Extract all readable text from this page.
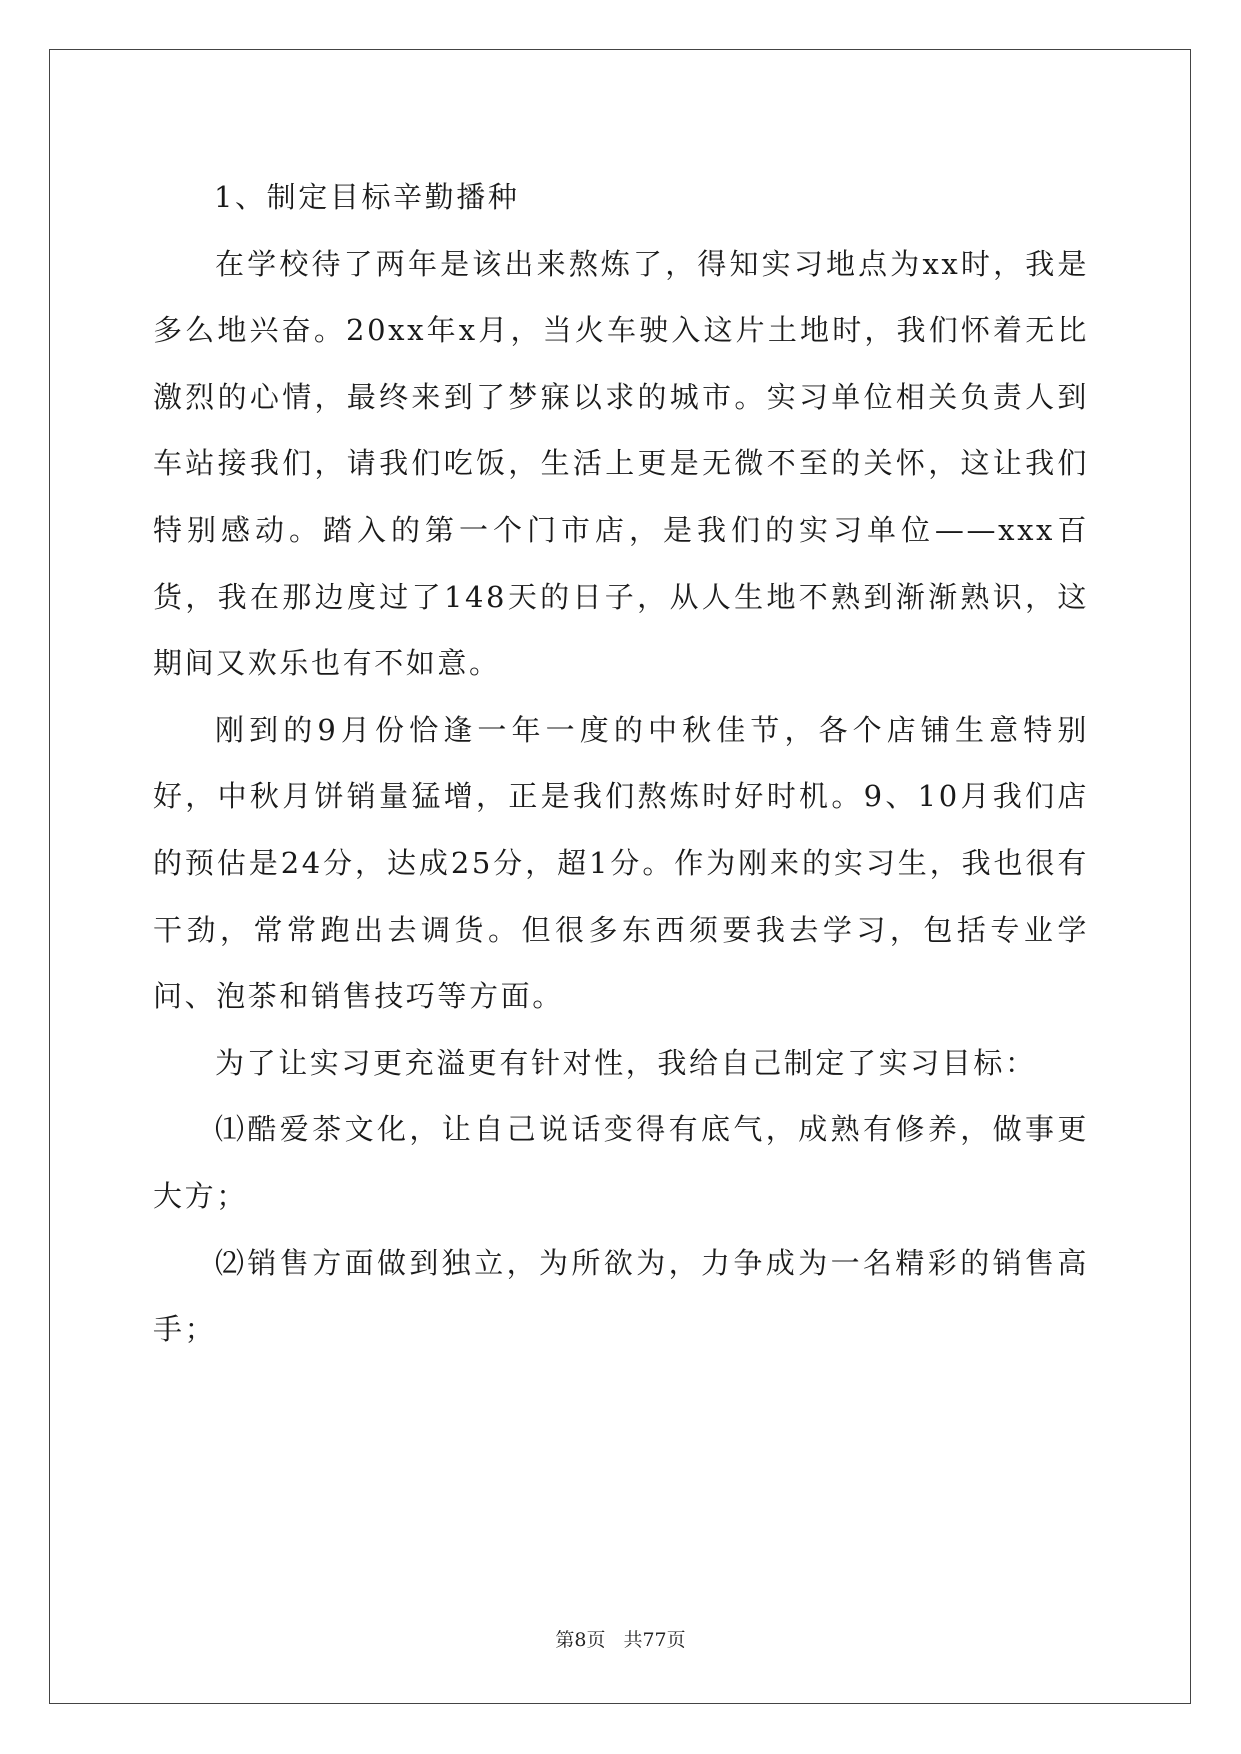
1、制定目标辛勤播种

在学校待了两年是该出来熬炼了，得知实习地点为xx时，我是多么地兴奋。20xx年x月，当火车驶入这片土地时，我们怀着无比激烈的心情，最终来到了梦寐以求的城市。实习单位相关负责人到车站接我们，请我们吃饭，生活上更是无微不至的关怀，这让我们特别感动。踏入的第一个门市店，是我们的实习单位——xxx百货，我在那边度过了148天的日子，从人生地不熟到渐渐熟识，这期间又欢乐也有不如意。

刚到的9月份恰逢一年一度的中秋佳节，各个店铺生意特别好，中秋月饼销量猛增，正是我们熬炼时好时机。9、10月我们店的预估是24分，达成25分，超1分。作为刚来的实习生，我也很有干劲，常常跑出去调货。但很多东西须要我去学习，包括专业学问、泡茶和销售技巧等方面。

为了让实习更充溢更有针对性，我给自己制定了实习目标：

⑴酷爱茶文化，让自己说话变得有底气，成熟有修养，做事更大方；

⑵销售方面做到独立，为所欲为，力争成为一名精彩的销售高手；

第8页 共77页
